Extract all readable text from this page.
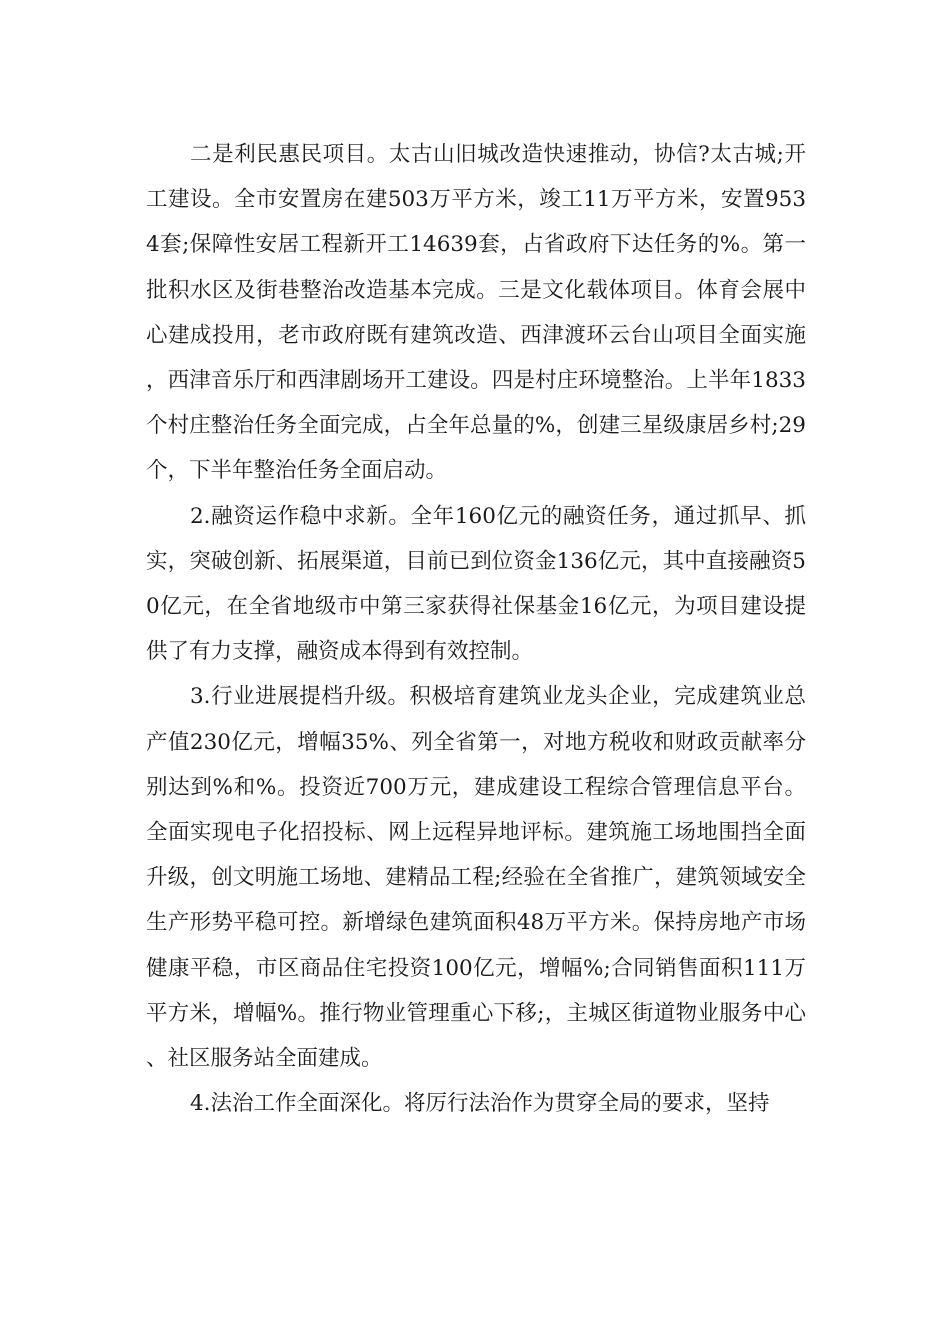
二是利民惠民项目。太古山旧城改造快速推动，协信?太古城;开工建设。全市安置房在建503万平方米，竣工11万平方米，安置9534套;保障性安居工程新开工14639套，占省政府下达任务的%。第一批积水区及街巷整治改造基本完成。三是文化载体项目。体育会展中心建成投用，老市政府既有建筑改造、西津渡环云台山项目全面实施，西津音乐厅和西津剧场开工建设。四是村庄环境整治。上半年1833个村庄整治任务全面完成，占全年总量的%，创建三星级康居乡村;29个，下半年整治任务全面启动。

2.融资运作稳中求新。全年160亿元的融资任务，通过抓早、抓实，突破创新、拓展渠道，目前已到位资金136亿元，其中直接融资50亿元，在全省地级市中第三家获得社保基金16亿元，为项目建设提供了有力支撑，融资成本得到有效控制。

3.行业进展提档升级。积极培育建筑业龙头企业，完成建筑业总产值230亿元，增幅35%、列全省第一，对地方税收和财政贡献率分别达到%和%。投资近700万元，建成建设工程综合管理信息平台。全面实现电子化招投标、网上远程异地评标。建筑施工场地围挡全面升级，创文明施工场地、建精品工程;经验在全省推广，建筑领域安全生产形势平稳可控。新增绿色建筑面积48万平方米。保持房地产市场健康平稳，市区商品住宅投资100亿元，增幅%;合同销售面积111万平方米，增幅%。推行物业管理重心下移;，主城区街道物业服务中心、社区服务站全面建成。

4.法治工作全面深化。将厉行法治作为贯穿全局的要求，坚持
